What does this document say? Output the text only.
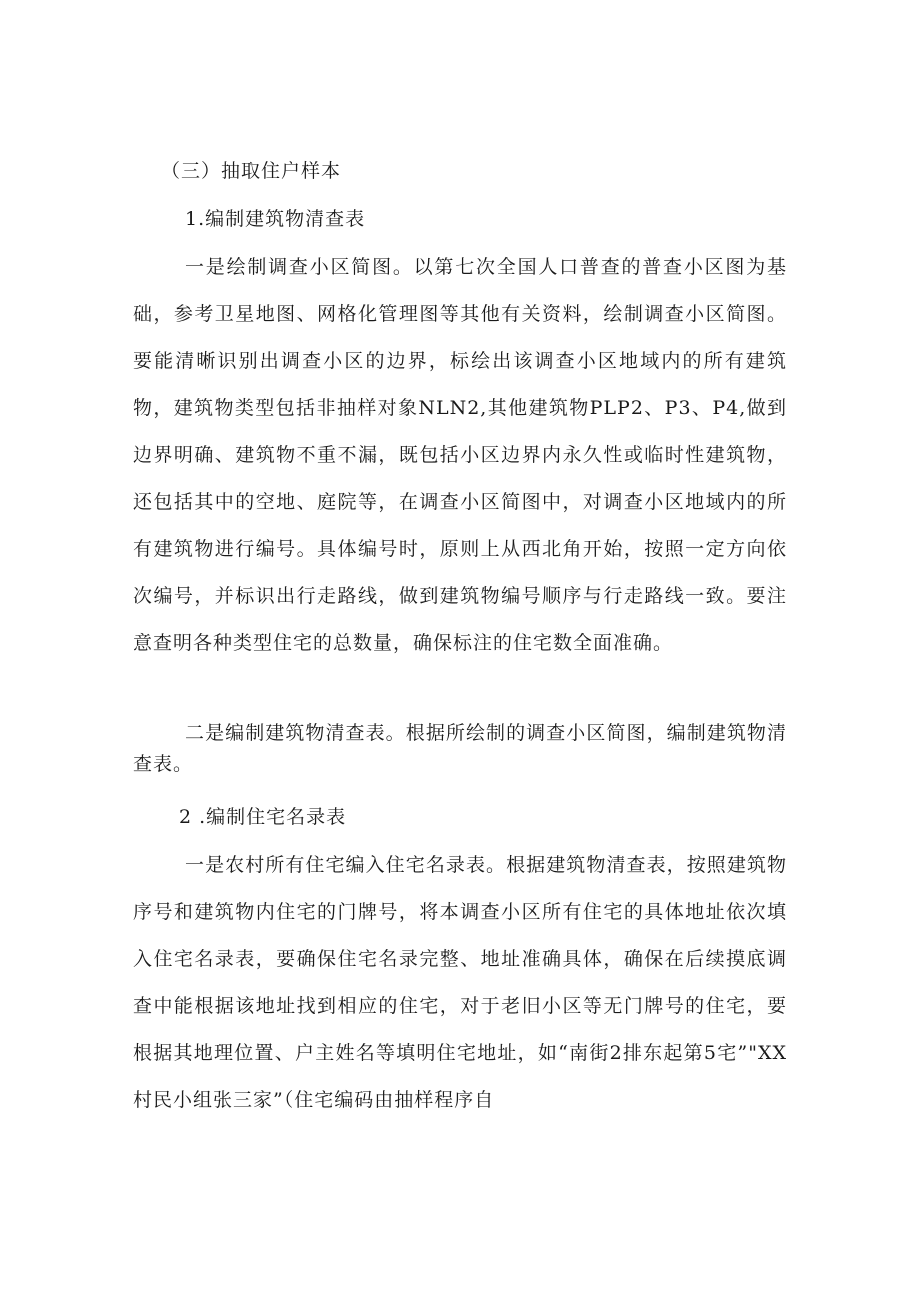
（三）抽取住户样本

1.编制建筑物清查表

一是绘制调查小区简图。以第七次全国人口普查的普查小区图为基础，参考卫星地图、网格化管理图等其他有关资料，绘制调查小区简图。要能清晰识别出调查小区的边界，标绘出该调查小区地域内的所有建筑物，建筑物类型包括非抽样对象NLN2,其他建筑物PLP2、P3、P4,做到边界明确、建筑物不重不漏，既包括小区边界内永久性或临时性建筑物，还包括其中的空地、庭院等，在调查小区简图中，对调查小区地域内的所有建筑物进行编号。具体编号时，原则上从西北角开始，按照一定方向依次编号，并标识出行走路线，做到建筑物编号顺序与行走路线一致。要注意查明各种类型住宅的总数量，确保标注的住宅数全面准确。

二是编制建筑物清查表。根据所绘制的调查小区简图，编制建筑物清查表。

2 .编制住宅名录表

一是农村所有住宅编入住宅名录表。根据建筑物清查表，按照建筑物序号和建筑物内住宅的门牌号，将本调查小区所有住宅的具体地址依次填入住宅名录表，要确保住宅名录完整、地址准确具体，确保在后续摸底调查中能根据该地址找到相应的住宅，对于老旧小区等无门牌号的住宅，要根据其地理位置、户主姓名等填明住宅地址，如“南街2排东起第5宅”"XX村民小组张三家”（住宅编码由抽样程序自
